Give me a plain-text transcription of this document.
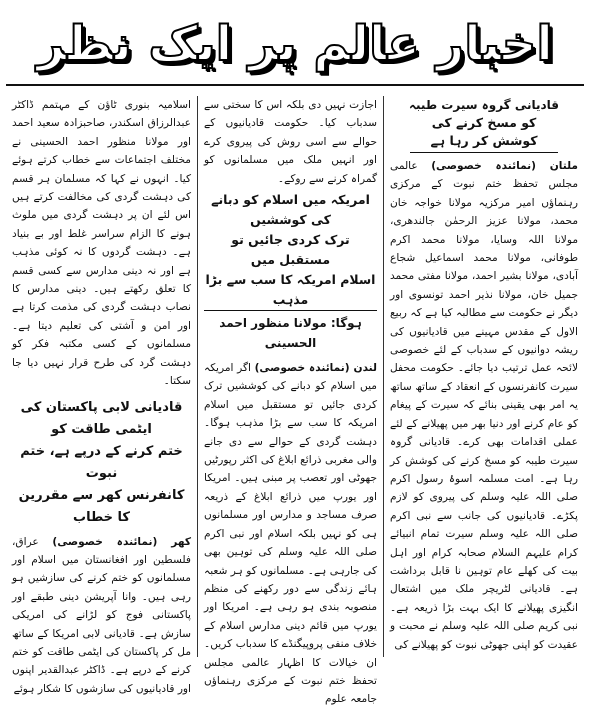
اخبار عالم پر ایک نظر
قادیانی گروہ سیرت طیبہ
کو مسخ کرنے کی کوشش کر رہا ہے

ملتان (نمائندہ خصوصی) عالمی مجلس تحفظ ختم نبوت کے مرکزی رہنماؤں امیر مرکزیہ مولانا خواجہ خان محمد، مولانا عزیز الرحمٰن جالندھری، مولانا اللہ وسایا، مولانا محمد اکرم طوفانی، مولانا محمد اسماعیل شجاع آبادی، مولانا بشیر احمد، مولانا مفتی محمد جمیل خان، مولانا نذیر احمد تونسوی اور دیگر نے حکومت سے مطالبہ کیا ہے کہ ربیع الاول کے مقدس مہینے میں قادیانیوں کی ریشہ دوانیوں کے سدباب کے لئے خصوصی لائحہ عمل ترتیب دیا جائے۔ حکومت محفل سیرت کانفرنسوں کے انعقاد کے ساتھ ساتھ یہ امر بھی یقینی بنائے کہ سیرت کے پیغام کو عام کرنے اور دنیا بھر میں پھیلانے کے لئے عملی اقدامات بھی کرے۔ قادیانی گروہ سیرت طیبہ کو مسخ کرنے کی کوشش کر رہا ہے۔ امت مسلمہ اسوۂ رسول اکرم صلی اللہ علیہ وسلم کی پیروی کو لازم پکڑے۔ قادیانیوں کی جانب سے نبی اکرم صلی اللہ علیہ وسلم سیرت تمام انبیائے کرام علیہم السلام صحابہ کرام اور اہل بیت کی کھلے عام توہین نا قابل برداشت ہے۔ قادیانی لٹریچر ملک میں اشتعال انگیزی پھیلانے کا ایک بہت بڑا ذریعہ ہے۔ نبی کریم صلی اللہ علیہ وسلم نے محبت و عقیدت کو اپنی جھوٹی نبوت کو پھیلانے کی

اجازت نہیں دی بلکہ اس کا سختی سے سدباب کیا۔ حکومت قادیانیوں کے حوالے سے اسی روش کی پیروی کرے اور انہیں ملک میں مسلمانوں کو گمراہ کرنے سے روکے۔

امریکہ میں اسلام کو دبانے کی کوششیں
ترک کردی جائیں تو مستقبل میں
اسلام امریکہ کا سب سے بڑا مذہب
ہوگا: مولانا منظور احمد الحسینی

لندن (نمائندہ خصوصی) اگر امریکہ میں اسلام کو دبانے کی کوششیں ترک کردی جائیں تو مستقبل میں اسلام امریکہ کا سب سے بڑا مذہب ہوگا۔ دہشت گردی کے حوالے سے دی جانے والی مغربی ذرائع ابلاغ کی اکثر رپورٹیں جھوٹی اور تعصب پر مبنی ہیں۔ امریکا اور یورپ میں ذرائع ابلاغ کے ذریعہ صرف مساجد و مدارس اور مسلمانوں ہی کو نہیں بلکہ اسلام اور نبی اکرم صلی اللہ علیہ وسلم کی توہین بھی کی جارہی ہے۔ مسلمانوں کو ہر شعبہ ہائے زندگی سے دور رکھنے کی منظم منصوبہ بندی ہو رہی ہے۔ امریکا اور یورپ میں قائم دینی مدارس اسلام کے خلاف منفی پروپیگنڈے کا سدباب کریں۔ ان خیالات کا اظہار عالمی مجلس تحفظ ختم نبوت کے مرکزی رہنماؤں جامعہ علوم

اسلامیہ بنوری ٹاؤن کے مہتمم ڈاکٹر عبدالرزاق اسکندر، صاحبزادہ سعید احمد اور مولانا منظور احمد الحسینی نے مختلف اجتماعات سے خطاب کرتے ہوئے کیا۔ انہوں نے کہا کہ مسلمان ہر قسم کی دہشت گردی کی مخالفت کرتے ہیں اس لئے ان پر دہشت گردی میں ملوث ہونے کا الزام سراسر غلط اور بے بنیاد ہے۔ دہشت گردوں کا نہ کوئی مذہب ہے اور نہ دینی مدارس سے کسی قسم کا تعلق رکھتے ہیں۔ دینی مدارس کا نصاب دہشت گردی کی مذمت کرتا ہے اور امن و آشتی کی تعلیم دیتا ہے۔ مسلمانوں کے کسی مکتبہ فکر کو دہشت گرد کی طرح قرار نہیں دیا جا سکتا۔

قادیانی لابی پاکستان کی ایٹمی طاقت کو
ختم کرنے کے درپے ہے، ختم نبوت
کانفرنس کھر سے مقررین کا خطاب

کھر (نمائندہ خصوصی) عراق، فلسطین اور افغانستان میں اسلام اور مسلمانوں کو ختم کرنے کی سازشیں ہو رہی ہیں۔ وانا آپریشن دینی طبقے اور پاکستانی فوج کو لڑانے کی امریکی سازش ہے۔ قادیانی لابی امریکا کے ساتھ مل کر پاکستان کی ایٹمی طاقت کو ختم کرنے کے درپے ہے۔ ڈاکٹر عبدالقدیر اپنوں اور قادیانیوں کی سازشوں کا شکار ہوئے
